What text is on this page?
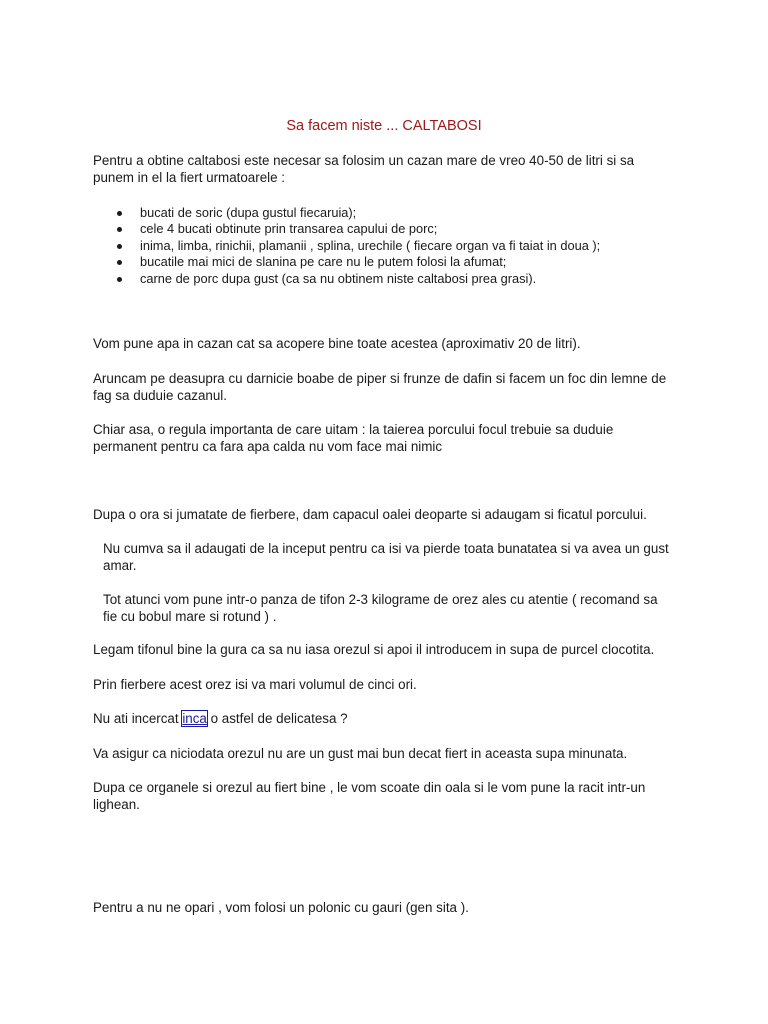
Sa facem niste ... CALTABOSI

Pentru a obtine caltabosi este necesar sa folosim un cazan mare de vreo 40-50 de litri si sa punem in el la fiert urmatoarele :

bucati de soric (dupa gustul fiecaruia);
cele 4 bucati obtinute prin transarea capului de porc;
inima, limba, rinichii, plamanii , splina, urechile ( fiecare organ va fi taiat in doua );
bucatile mai mici de slanina pe care nu le putem folosi la afumat;
carne de porc dupa gust (ca sa nu obtinem niste caltabosi prea grasi).

Vom pune apa in cazan cat sa acopere bine toate acestea (aproximativ 20 de litri).

Aruncam pe deasupra cu darnicie boabe de piper si frunze de dafin si facem un foc din lemne de fag sa duduie cazanul.

Chiar asa, o regula importanta de care uitam : la taierea porcului focul trebuie sa duduie permanent pentru ca fara apa calda nu vom face mai nimic

Dupa o ora si jumatate de fierbere, dam capacul oalei deoparte si adaugam si ficatul porcului.

Nu cumva sa il adaugati de la inceput pentru ca isi va pierde toata bunatatea si va avea un gust amar.

Tot atunci vom pune intr-o panza de tifon 2-3 kilograme de orez ales cu atentie ( recomand sa fie cu bobul mare si rotund ) .

Legam tifonul bine la gura ca sa nu iasa orezul si apoi il introducem in supa de purcel clocotita.

Prin fierbere acest orez isi va mari volumul de cinci ori.

Nu ati incercat inca o astfel de delicatesa ?

Va asigur ca niciodata orezul nu are un gust mai bun decat fiert in aceasta supa minunata.

Dupa ce organele si orezul au fiert bine , le vom scoate din oala si le vom pune la racit intr-un lighean.

Pentru a nu ne opari , vom folosi un polonic cu gauri (gen sita ).
